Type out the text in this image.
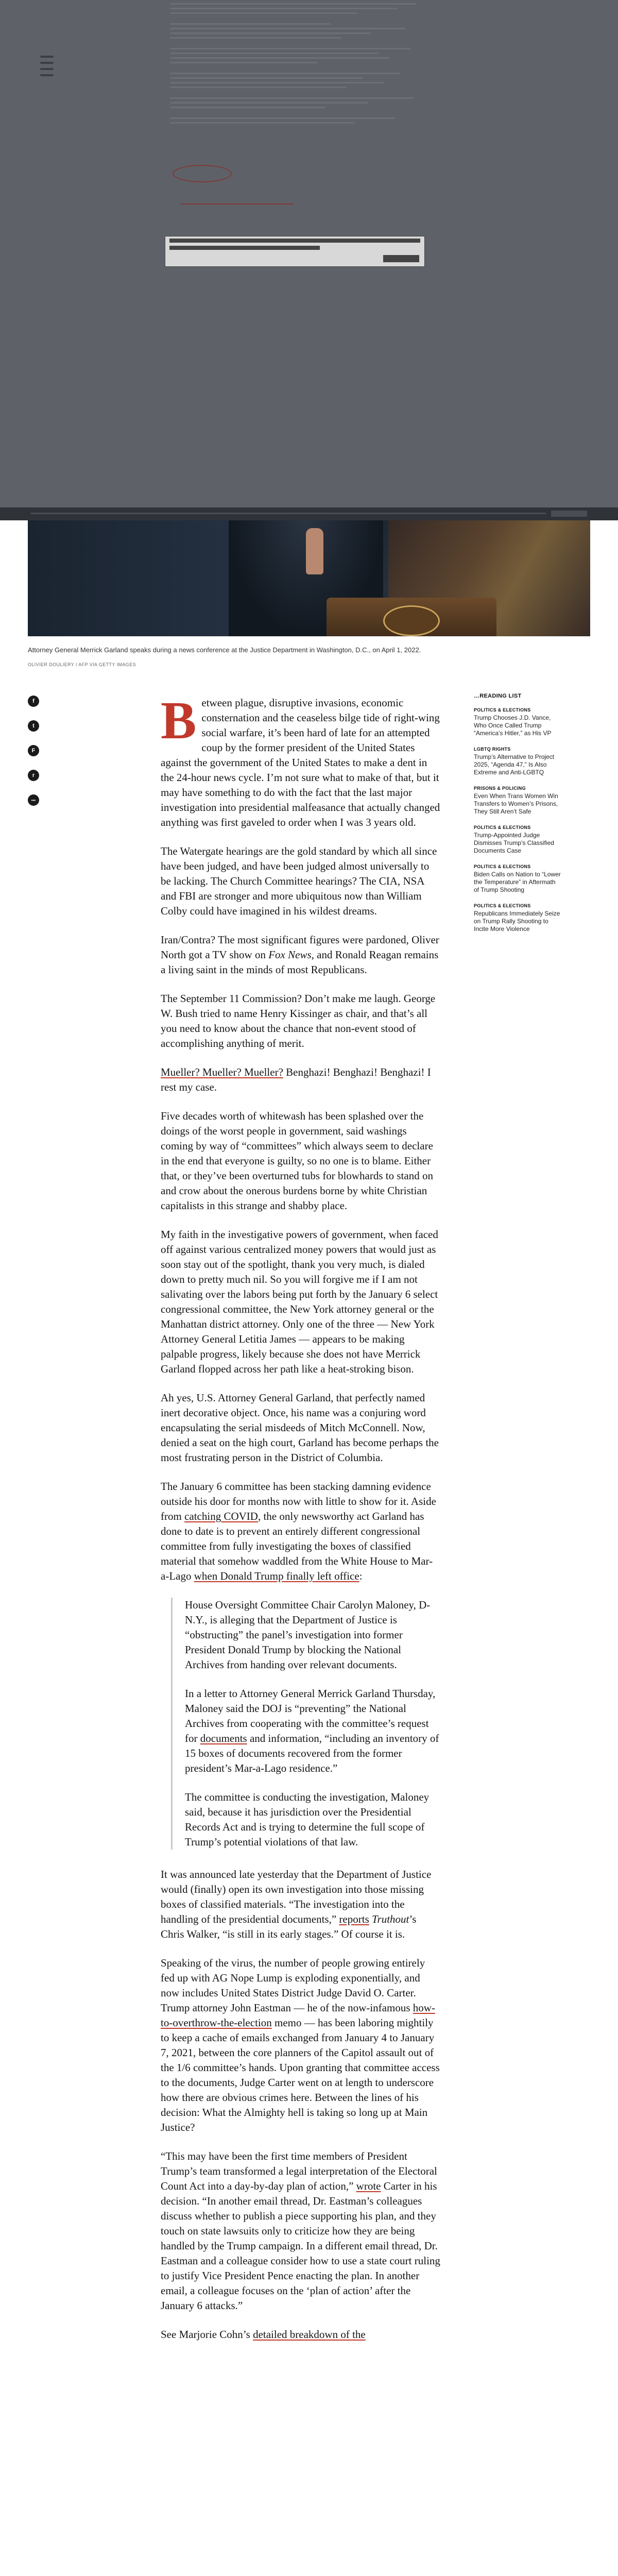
Attorney General Merrick Garland speaks during a news conference at the Justice Department in Washington, D.C., on April 1, 2022.
OLIVIER DOULIERY / AFP VIA GETTY IMAGES
f
t
F
r
•••

Between plague, disruptive invasions, economic consternation and the ceaseless bilge tide of right-wing social warfare, it’s been hard of late for an attempted coup by the former president of the United States against the government of the United States to make a dent in the 24-hour news cycle. I’m not sure what to make of that, but it may have something to do with the fact that the last major investigation into presidential malfeasance that actually changed anything was first gaveled to order when I was 3 years old.

The Watergate hearings are the gold standard by which all since have been judged, and have been judged almost universally to be lacking. The Church Committee hearings? The CIA, NSA and FBI are stronger and more ubiquitous now than William Colby could have imagined in his wildest dreams.

Iran/Contra? The most significant figures were pardoned, Oliver North got a TV show on Fox News, and Ronald Reagan remains a living saint in the minds of most Republicans.

The September 11 Commission? Don’t make me laugh. George W. Bush tried to name Henry Kissinger as chair, and that’s all you need to know about the chance that non-event stood of accomplishing anything of merit.

Mueller? Mueller? Mueller? Benghazi! Benghazi! Benghazi! I rest my case.

Five decades worth of whitewash has been splashed over the doings of the worst people in government, said washings coming by way of “committees” which always seem to declare in the end that everyone is guilty, so no one is to blame. Either that, or they’ve been overturned tubs for blowhards to stand on and crow about the onerous burdens borne by white Christian capitalists in this strange and shabby place.

My faith in the investigative powers of government, when faced off against various centralized money powers that would just as soon stay out of the spotlight, thank you very much, is dialed down to pretty much nil. So you will forgive me if I am not salivating over the labors being put forth by the January 6 select congressional committee, the New York attorney general or the Manhattan district attorney. Only one of the three — New York Attorney General Letitia James — appears to be making palpable progress, likely because she does not have Merrick Garland flopped across her path like a heat-stroking bison.

Ah yes, U.S. Attorney General Garland, that perfectly named inert decorative object. Once, his name was a conjuring word encapsulating the serial misdeeds of Mitch McConnell. Now, denied a seat on the high court, Garland has become perhaps the most frustrating person in the District of Columbia.

The January 6 committee has been stacking damning evidence outside his door for months now with little to show for it. Aside from catching COVID, the only newsworthy act Garland has done to date is to prevent an entirely different congressional committee from fully investigating the boxes of classified material that somehow waddled from the White House to Mar-a-Lago when Donald Trump finally left office:

House Oversight Committee Chair Carolyn Maloney, D-N.Y., is alleging that the Department of Justice is “obstructing” the panel’s investigation into former President Donald Trump by blocking the National Archives from handing over relevant documents.

In a letter to Attorney General Merrick Garland Thursday, Maloney said the DOJ is “preventing” the National Archives from cooperating with the committee’s request for documents and information, “including an inventory of 15 boxes of documents recovered from the former president’s Mar-a-Lago residence.”

The committee is conducting the investigation, Maloney said, because it has jurisdiction over the Presidential Records Act and is trying to determine the full scope of Trump’s potential violations of that law.

It was announced late yesterday that the Department of Justice would (finally) open its own investigation into those missing boxes of classified materials. “The investigation into the handling of the presidential documents,” reports Truthout’s Chris Walker, “is still in its early stages.” Of course it is.

Speaking of the virus, the number of people growing entirely fed up with AG Nope Lump is exploding exponentially, and now includes United States District Judge David O. Carter. Trump attorney John Eastman — he of the now-infamous how-to-overthrow-the-election memo — has been laboring mightily to keep a cache of emails exchanged from January 4 to January 7, 2021, between the core planners of the Capitol assault out of the 1/6 committee’s hands. Upon granting that committee access to the documents, Judge Carter went on at length to underscore how there are obvious crimes here. Between the lines of his decision: What the Almighty hell is taking so long up at Main Justice?

“This may have been the first time members of President Trump’s team transformed a legal interpretation of the Electoral Count Act into a day-by-day plan of action,” wrote Carter in his decision. “In another email thread, Dr. Eastman’s colleagues discuss whether to publish a piece supporting his plan, and they touch on state lawsuits only to criticize how they are being handled by the Trump campaign. In a different email thread, Dr. Eastman and a colleague consider how to use a state court ruling to justify Vice President Pence enacting the plan. In another email, a colleague focuses on the ‘plan of action’ after the January 6 attacks.”

See Marjorie Cohn’s detailed breakdown of the

…READING LIST
POLITICS & ELECTIONS
Trump Chooses J.D. Vance, Who Once Called Trump “America’s Hitler,” as His VP
LGBTQ RIGHTS
Trump’s Alternative to Project 2025, “Agenda 47,” Is Also Extreme and Anti-LGBTQ
PRISONS & POLICING
Even When Trans Women Win Transfers to Women’s Prisons, They Still Aren’t Safe
POLITICS & ELECTIONS
Trump-Appointed Judge Dismisses Trump’s Classified Documents Case
POLITICS & ELECTIONS
Biden Calls on Nation to “Lower the Temperature” in Aftermath of Trump Shooting
POLITICS & ELECTIONS
Republicans Immediately Seize on Trump Rally Shooting to Incite More Violence
